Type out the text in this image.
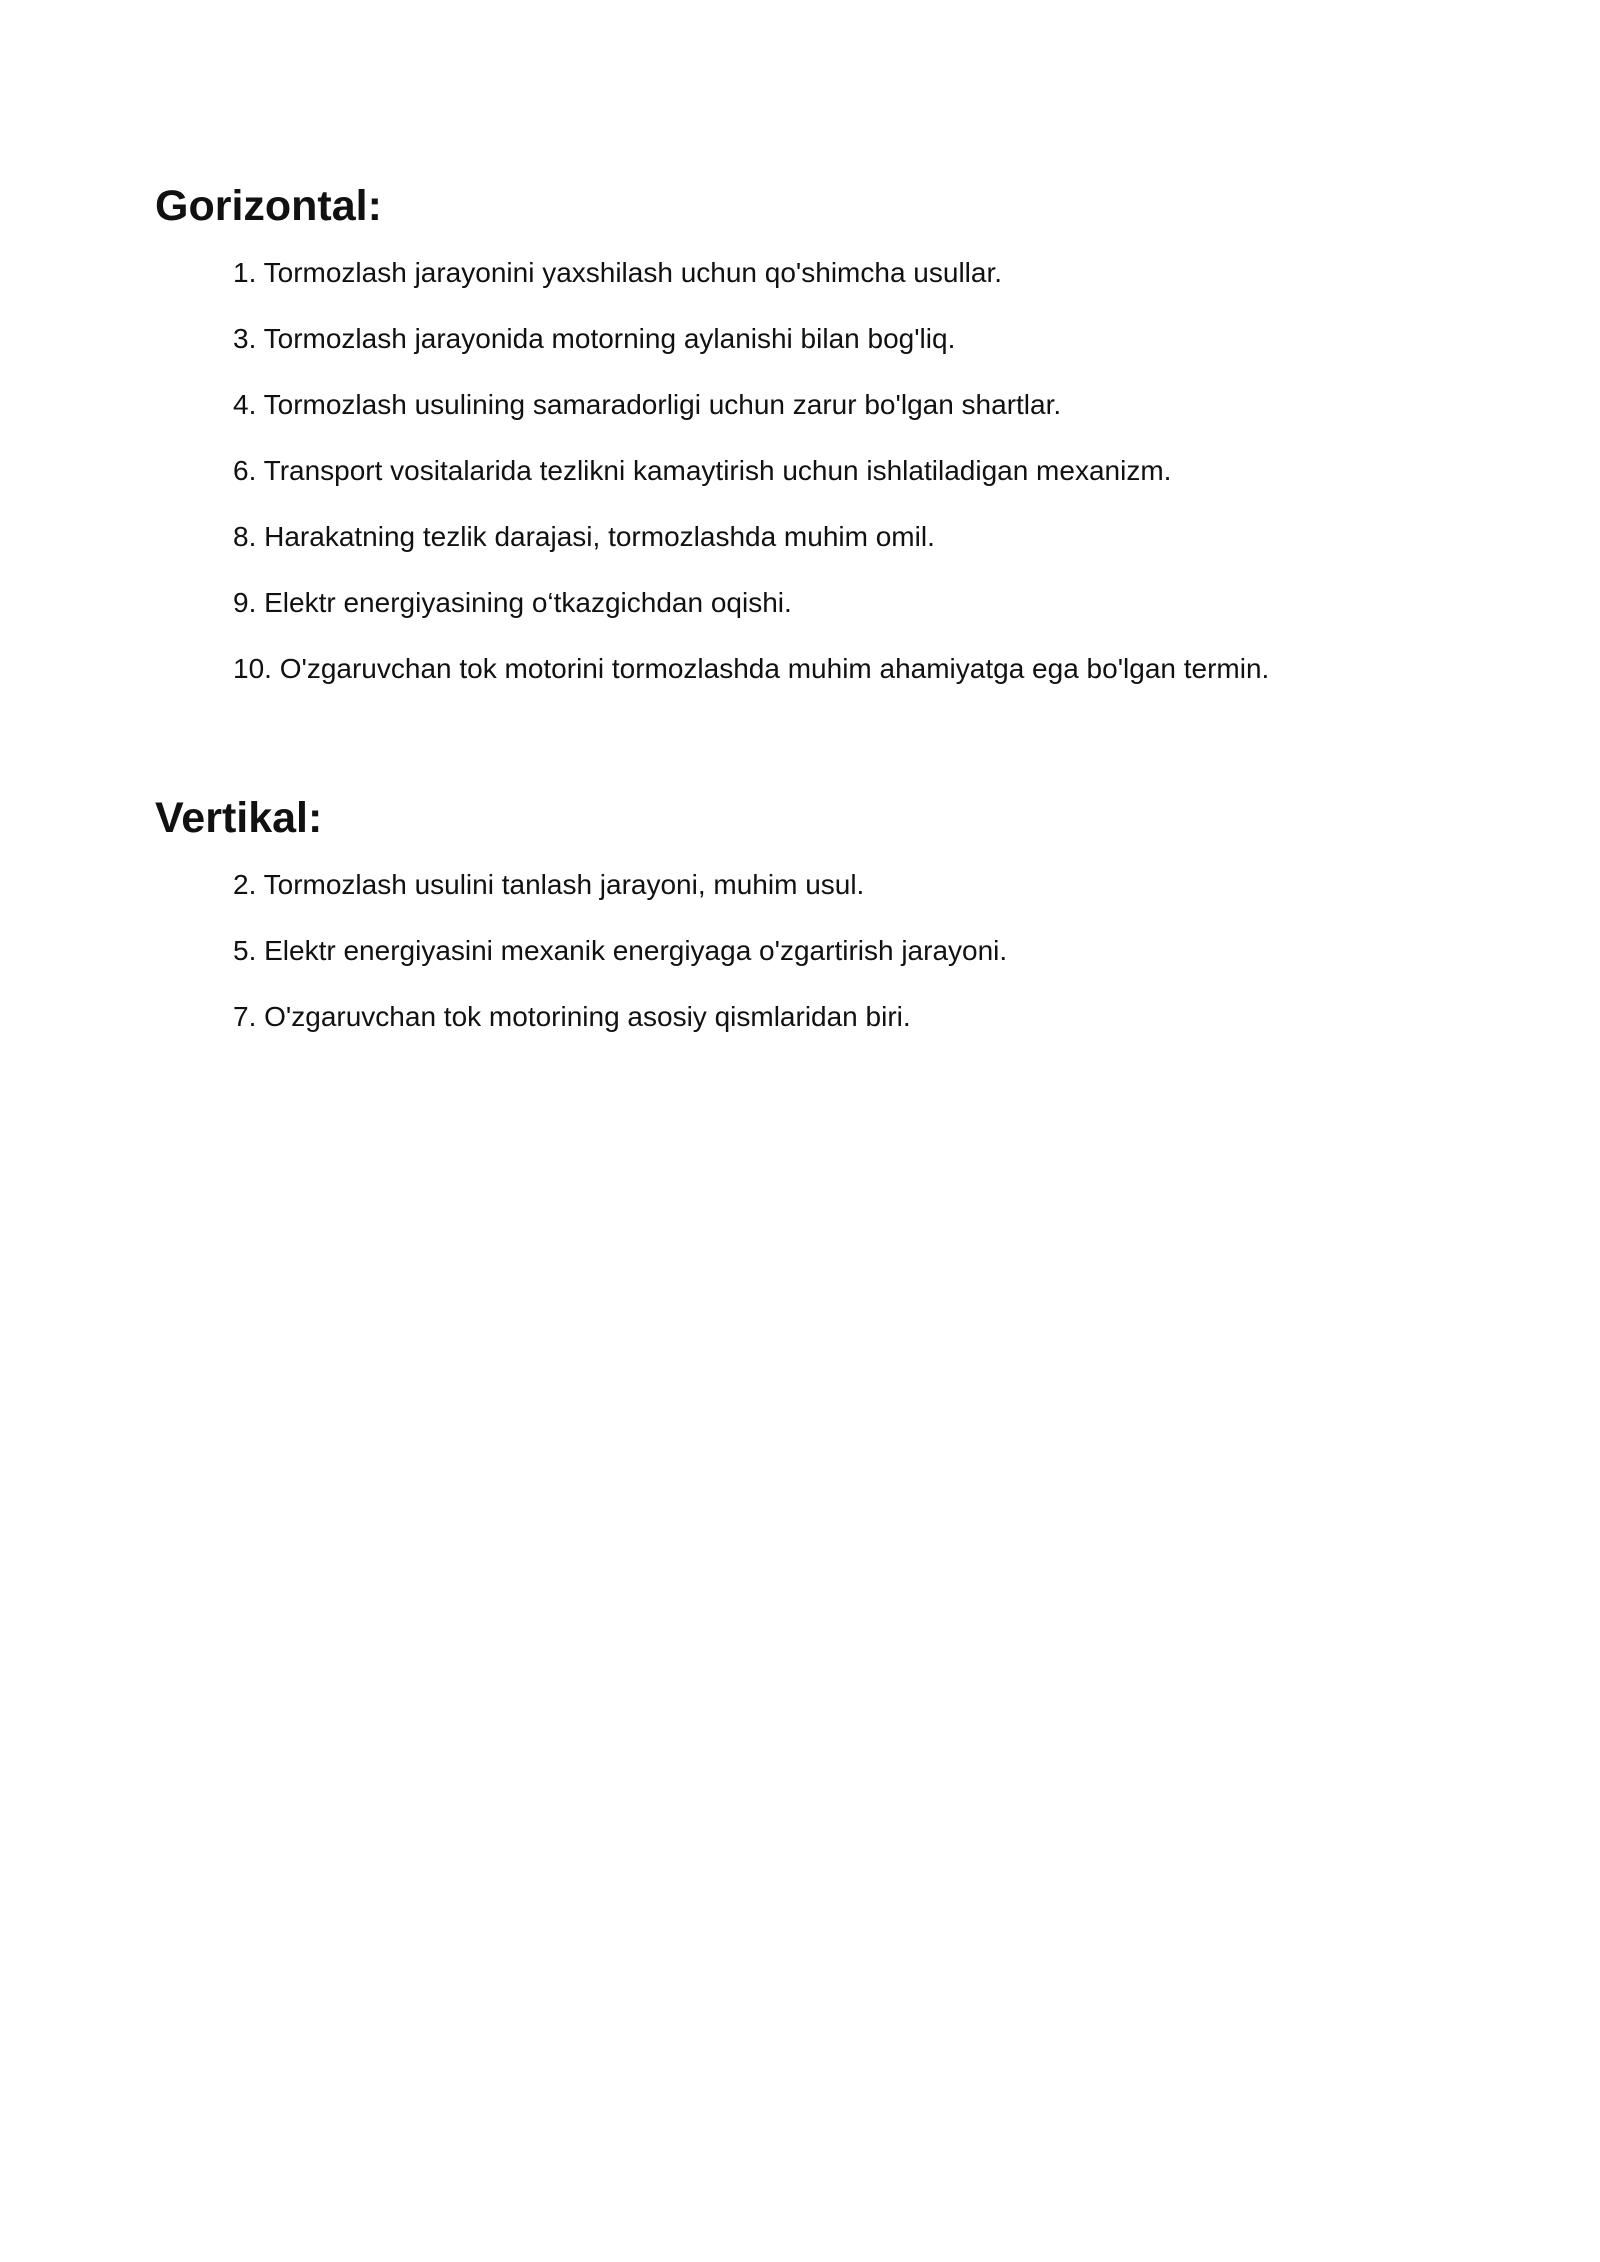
Gorizontal:
1. Tormozlash jarayonini yaxshilash uchun qo'shimcha usullar.
3. Tormozlash jarayonida motorning aylanishi bilan bog'liq.
4. Tormozlash usulining samaradorligi uchun zarur bo'lgan shartlar.
6. Transport vositalarida tezlikni kamaytirish uchun ishlatiladigan mexanizm.
8. Harakatning tezlik darajasi, tormozlashda muhim omil.
9. Elektr energiyasining o‘tkazgichdan oqishi.
10. O'zgaruvchan tok motorini tormozlashda muhim ahamiyatga ega bo'lgan termin.
Vertikal:
2. Tormozlash usulini tanlash jarayoni, muhim usul.
5. Elektr energiyasini mexanik energiyaga o'zgartirish jarayoni.
7. O'zgaruvchan tok motorining asosiy qismlaridan biri.
